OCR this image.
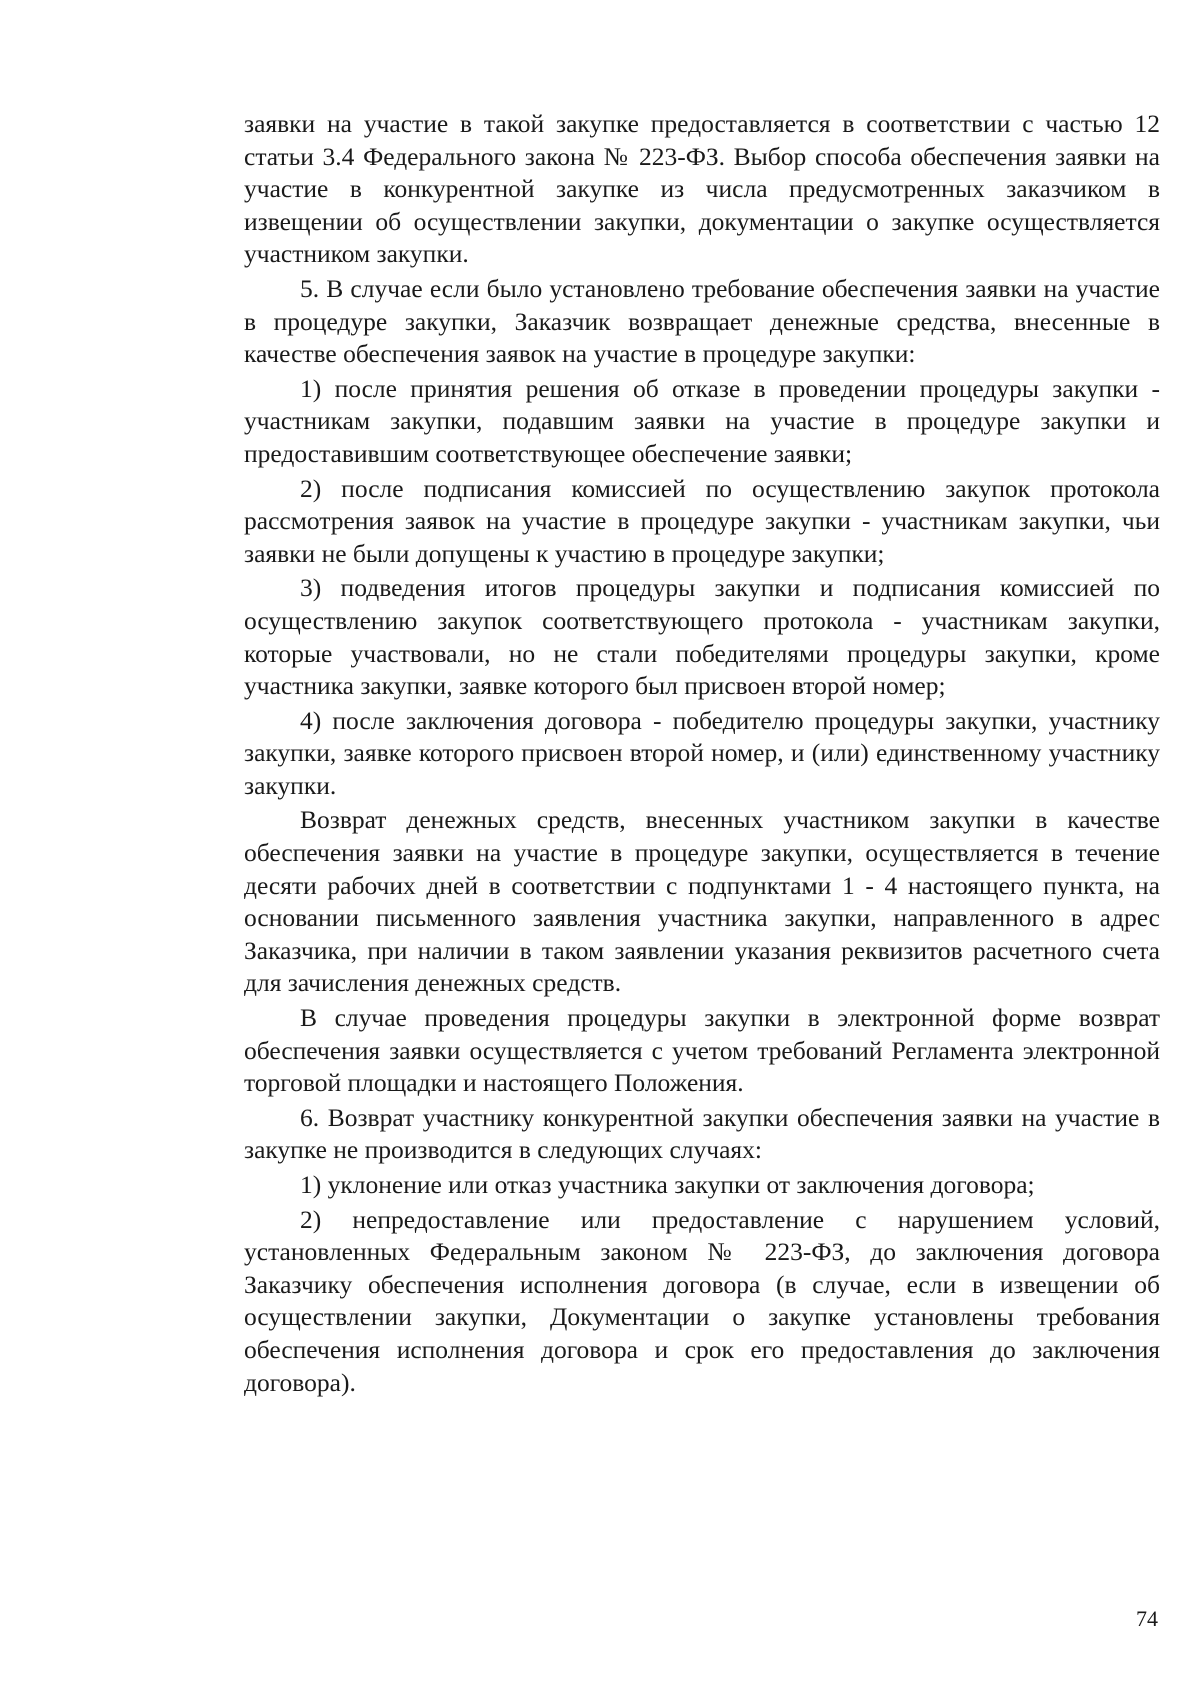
заявки на участие в такой закупке предоставляется в соответствии с частью 12 статьи 3.4 Федерального закона № 223-ФЗ. Выбор способа обеспечения заявки на участие в конкурентной закупке из числа предусмотренных заказчиком в извещении об осуществлении закупки, документации о закупке осуществляется участником закупки.

5. В случае если было установлено требование обеспечения заявки на участие в процедуре закупки, Заказчик возвращает денежные средства, внесенные в качестве обеспечения заявок на участие в процедуре закупки:

1) после принятия решения об отказе в проведении процедуры закупки - участникам закупки, подавшим заявки на участие в процедуре закупки и предоставившим соответствующее обеспечение заявки;

2) после подписания комиссией по осуществлению закупок протокола рассмотрения заявок на участие в процедуре закупки - участникам закупки, чьи заявки не были допущены к участию в процедуре закупки;

3) подведения итогов процедуры закупки и подписания комиссией по осуществлению закупок соответствующего протокола - участникам закупки, которые участвовали, но не стали победителями процедуры закупки, кроме участника закупки, заявке которого был присвоен второй номер;

4) после заключения договора - победителю процедуры закупки, участнику закупки, заявке которого присвоен второй номер, и (или) единственному участнику закупки.

Возврат денежных средств, внесенных участником закупки в качестве обеспечения заявки на участие в процедуре закупки, осуществляется в течение десяти рабочих дней в соответствии с подпунктами 1 - 4 настоящего пункта, на основании письменного заявления участника закупки, направленного в адрес Заказчика, при наличии в таком заявлении указания реквизитов расчетного счета для зачисления денежных средств.

В случае проведения процедуры закупки в электронной форме возврат обеспечения заявки осуществляется с учетом требований Регламента электронной торговой площадки и настоящего Положения.

6. Возврат участнику конкурентной закупки обеспечения заявки на участие в закупке не производится в следующих случаях:

1) уклонение или отказ участника закупки от заключения договора;

2) непредоставление или предоставление с нарушением условий, установленных Федеральным законом № 223-ФЗ, до заключения договора Заказчику обеспечения исполнения договора (в случае, если в извещении об осуществлении закупки, Документации о закупке установлены требования обеспечения исполнения договора и срок его предоставления до заключения договора).

74
